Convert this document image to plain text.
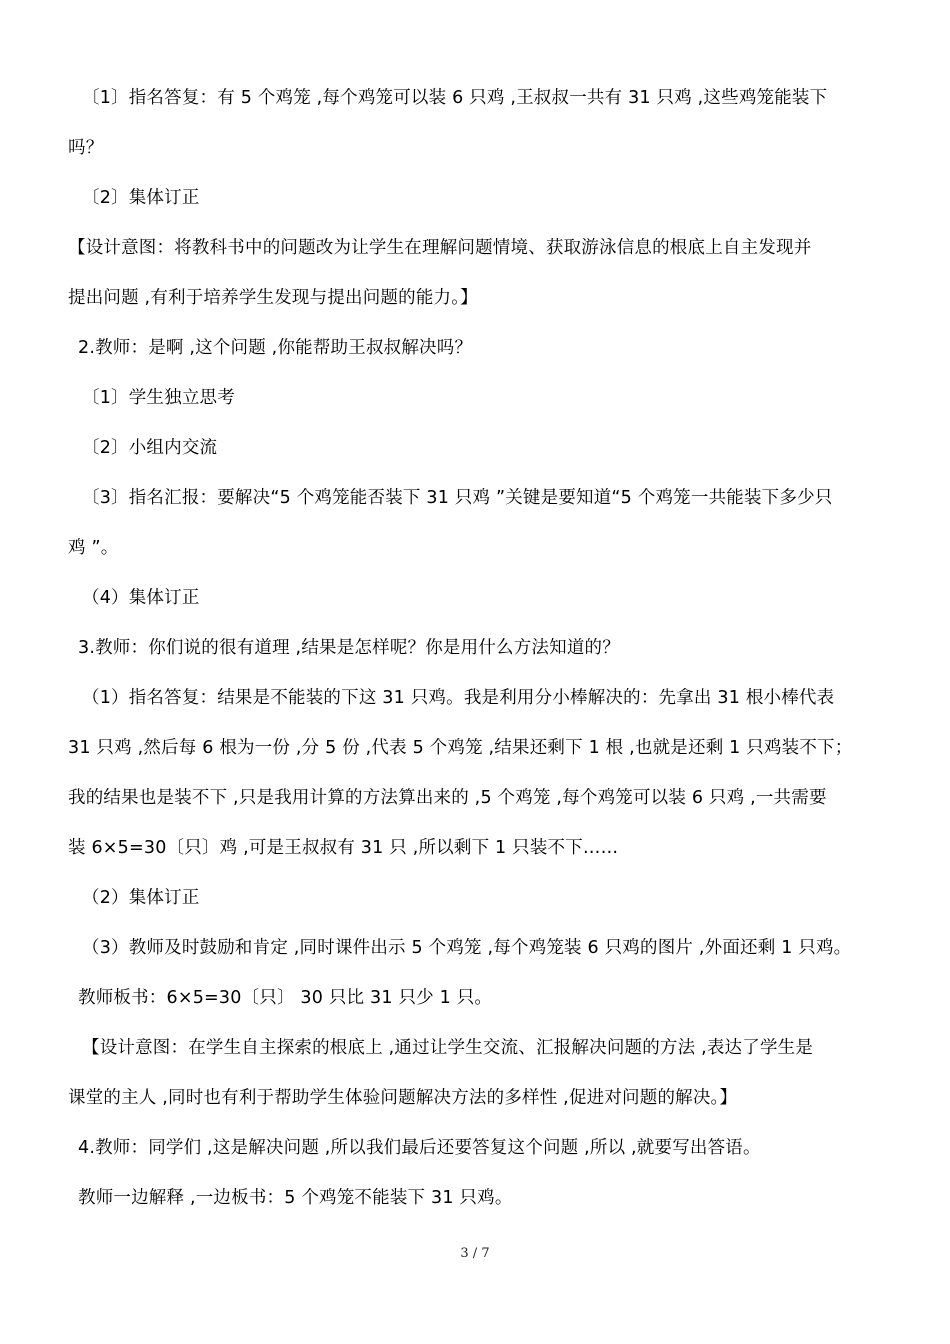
〔1〕指名答复：有 5 个鸡笼 ,每个鸡笼可以装 6 只鸡 ,王叔叔一共有 31 只鸡 ,这些鸡笼能装下
吗？
〔2〕集体订正
【设计意图：将教科书中的问题改为让学生在理解问题情境、获取游泳信息的根底上自主发现并
提出问题 ,有利于培养学生发现与提出问题的能力。】
2.教师：是啊 ,这个问题 ,你能帮助王叔叔解决吗？
〔1〕学生独立思考
〔2〕小组内交流
〔3〕指名汇报：要解决“5 个鸡笼能否装下 31 只鸡 ”关键是要知道“5 个鸡笼一共能装下多少只
鸡 ”。
（4）集体订正
3.教师：你们说的很有道理 ,结果是怎样呢？你是用什么方法知道的？
（1）指名答复：结果是不能装的下这 31 只鸡。我是利用分小棒解决的：先拿出 31 根小棒代表
31 只鸡 ,然后每 6 根为一份 ,分 5 份 ,代表 5 个鸡笼 ,结果还剩下 1 根 ,也就是还剩 1 只鸡装不下；
我的结果也是装不下 ,只是我用计算的方法算出来的 ,5 个鸡笼 ,每个鸡笼可以装 6 只鸡 ,一共需要
装 6×5=30〔只〕鸡 ,可是王叔叔有 31 只 ,所以剩下 1 只装不下……
（2）集体订正
（3）教师及时鼓励和肯定 ,同时课件出示 5 个鸡笼 ,每个鸡笼装 6 只鸡的图片 ,外面还剩 1 只鸡。
教师板书：6×5=30〔只〕 30 只比 31 只少 1 只。
【设计意图：在学生自主探索的根底上 ,通过让学生交流、汇报解决问题的方法 ,表达了学生是
课堂的主人 ,同时也有利于帮助学生体验问题解决方法的多样性 ,促进对问题的解决。】
4.教师：同学们 ,这是解决问题 ,所以我们最后还要答复这个问题 ,所以 ,就要写出答语。
教师一边解释 ,一边板书：5 个鸡笼不能装下 31 只鸡。
3 / 7
